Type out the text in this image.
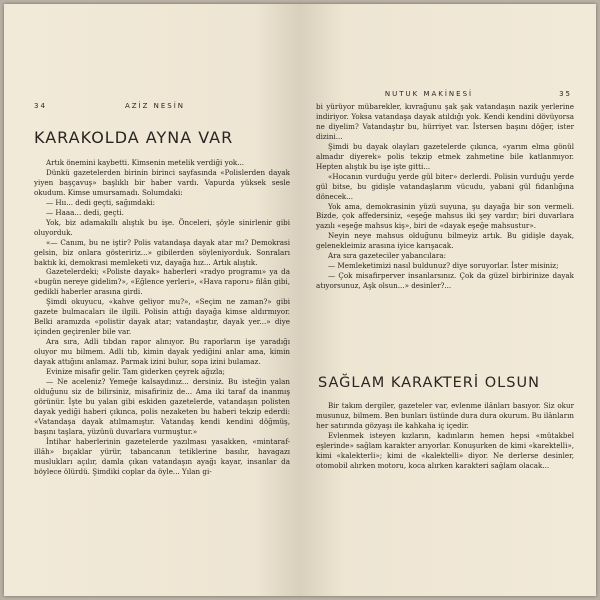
34	AZİZ NESİN
KARAKOLDA AYNA VAR

Artık önemini kaybetti. Kimsenin metelik verdiği yok...

Dünkü gazetelerden birinin birinci sayfasında «Polislerden dayak yiyen başçavuş» başlıklı bir haber vardı. Vapurda yüksek sesle okudum. Kimse umursamadı. Solumdaki:

— Hıı... dedi geçti, sağımdaki:

— Haaa... dedi, geçti.

Yok, biz adamakıllı alıştık bu işe. Önceleri, şöyle sinirlenir gibi oluyorduk.

«— Canım, bu ne iştir? Polis vatandaşa dayak atar mı? Demokrasi gelsin, biz onlara gösteririz...» gibilerden söyleniyorduk. Sonraları baktık ki, demokrasi memleketi vız, dayağa hız... Artık alıştık.

Gazetelerdeki; «Poliste dayak» haberleri «radyo programı» ya da «bugün nereye gidelim?», «Eğlence yerleri», «Hava raporu» filân gibi, gedikli haberler arasına girdi.

Şimdi okuyucu, «kahve geliyor mu?», «Seçim ne zaman?» gibi gazete bulmacaları ile ilgili. Polisin attığı dayağa kimse aldırmıyor. Belki aramızda «polistir dayak atar; vatandaştır, dayak yer...» diye içinden geçirenler bile var.

Ara sıra, Adli tıbdan rapor alınıyor. Bu raporların işe yaradığı oluyor mu bilmem. Adli tıb, kimin dayak yediğini anlar ama, kimin dayak attığını anlamaz. Parmak izini bulur, sopa izini bulamaz.

Evinize misafir gelir. Tam giderken çeyrek ağızla;

— Ne aceleniz? Yemeğe kalsaydınız... dersiniz. Bu isteğin yalan olduğunu siz de bilirsiniz, misafiriniz de... Ama iki taraf da inanmış görünür. İşte bu yalan gibi eskiden gazetelerde, vatandaşın polisten dayak yediği haberi çıkınca, polis nezaketen bu haberi tekzip ederdi: «Vatandaşa dayak atılmamıştır. Vatandaş kendi kendini döğmüş, başını taşlara, yüzünü duvarlara vurmuştur.»

İntihar haberlerinin gazetelerde yazılması yasakken, «mintaraf-illâh» bıçaklar yürür, tabancanın tetiklerine basılır, havagazı muslukları açılır, damla çıkan vatandaşın ayağı kayar, insanlar da böylece ölürdü. Şimdiki coplar da öyle... Yılan gi-

NUTUK MAKİNESİ	35

bi yürüyor mübarekler, kıvrağunu şak şak vatandaşın nazik yerlerine indiriyor. Yoksa vatandaşa dayak atıldığı yok. Kendi kendini dövüyorsa ne diyelim? Vatandaştır bu, hürriyet var. İstersen başını döğer, ister dizini...

Şimdi bu dayak olayları gazetelerde çıkınca, «yarım elma gönül almadır diyerek» polis tekzip etmek zahmetine bile katlanmıyor. Hepten alıştık bu işe işte gitti...

«Hocanın vurduğu yerde gül biter» derlerdi. Polisin vurduğu yerde gül bitse, bu gidişle vatandaşlarım vücudu, yabani gül fidanlığına dönecek...

Yok ama, demokrasinin yüzü suyuna, şu dayağa bir son vermeli. Bizde, çok affedersiniz, «eşeğe mahsus iki şey vardır; biri duvarlara yazılı «eşeğe mahsus kiş», biri de «dayak eşeğe mahsustur».

Neyin neye mahsus olduğunu bilmeyiz artık. Bu gidişle dayak, gelenekleimiz arasına iyice karışacak.

Ara sıra gazeteciler yabancılara:

— Memleketimizi nasıl buldunuz? diye soruyorlar. İster misiniz;

— Çok misafirperver insanlarsınız. Çok da güzel birbirinize dayak atıyorsunuz, Aşk olsun...» desinler?...

SAĞLAM KARAKTERİ OLSUN

Bir takım dergiler, gazeteler var, evlenme ilânları basıyor. Siz okur musunuz, bilmem. Ben bunları üstünde dura dura okurum. Bu ilânların her satırında gözyaşı ile kahkaha iç içedir.

Evlenmek isteyen kızların, kadınların hemen hepsi «mütakbel eşlerinde» sağlam karakter arıyorlar. Konuşurken de kimi «karektelli», kimi «kalekterli»; kimi de «kalektelli» diyor. Ne derlerse desinler, otomobil alırken motoru, koca alırken karakteri sağlam olacak...
